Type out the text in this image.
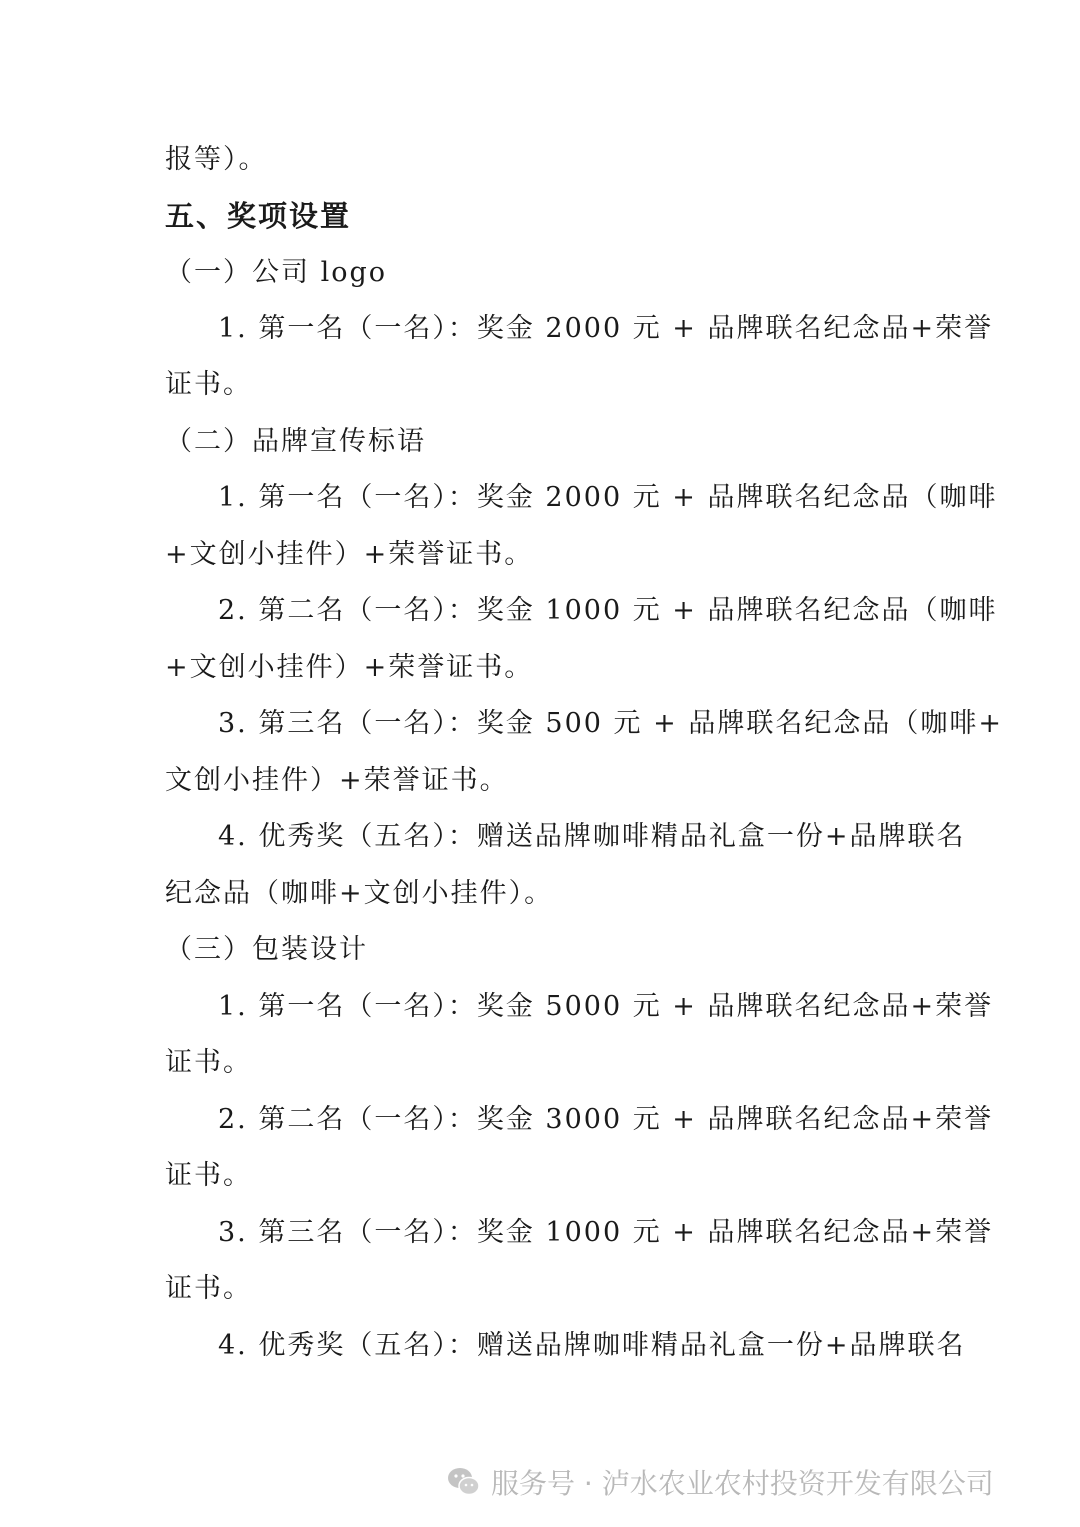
报等）。
五、奖项设置
（一）公司 logo
1. 第一名（一名）：奖金 2000 元 + 品牌联名纪念品+荣誉
证书。
（二）品牌宣传标语
1. 第一名（一名）：奖金 2000 元 + 品牌联名纪念品（咖啡
+文创小挂件）+荣誉证书。
2. 第二名（一名）：奖金 1000 元 + 品牌联名纪念品（咖啡
+文创小挂件）+荣誉证书。
3. 第三名（一名）：奖金 500 元 + 品牌联名纪念品（咖啡+
文创小挂件）+荣誉证书。
4. 优秀奖（五名）：赠送品牌咖啡精品礼盒一份+品牌联名
纪念品（咖啡+文创小挂件）。
（三）包装设计
1. 第一名（一名）：奖金 5000 元 + 品牌联名纪念品+荣誉
证书。
2. 第二名（一名）：奖金 3000 元 + 品牌联名纪念品+荣誉
证书。
3. 第三名（一名）：奖金 1000 元 + 品牌联名纪念品+荣誉
证书。
4. 优秀奖（五名）：赠送品牌咖啡精品礼盒一份+品牌联名
服务号 · 泸水农业农村投资开发有限公司
